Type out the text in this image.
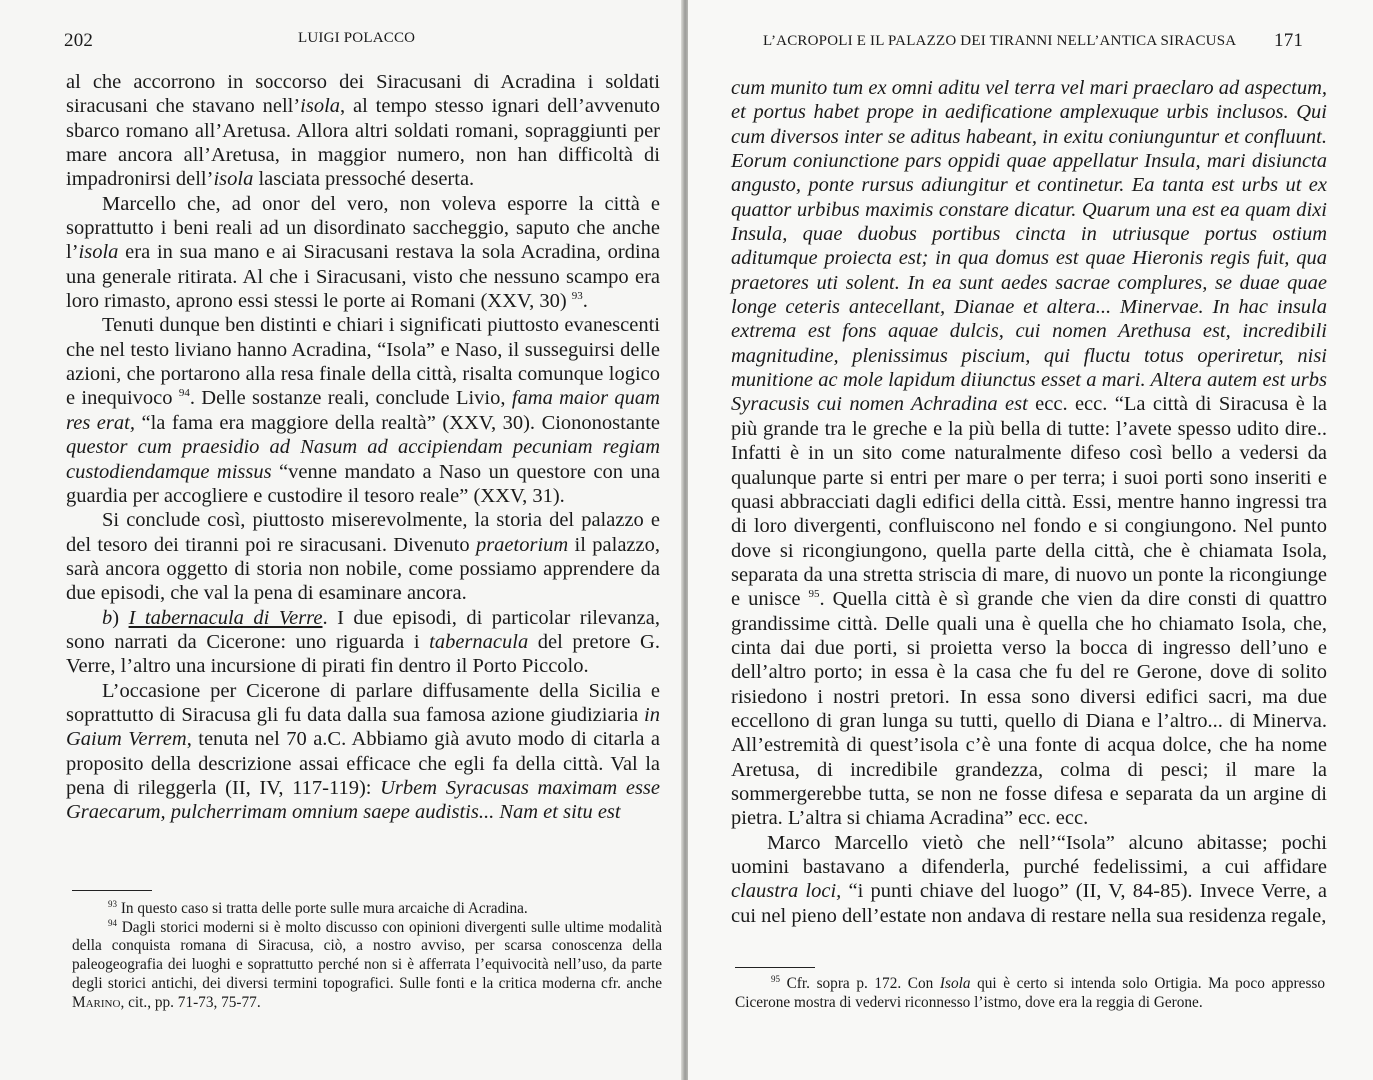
202	LUIGI POLACCO

al che accorrono in soccorso dei Siracusani di Acradina i soldati siracusani che stavano nell’isola, al tempo stesso ignari dell’avvenuto sbarco romano all’Aretusa. Allora altri soldati romani, sopraggiunti per mare ancora all’Aretusa, in maggior numero, non han difficoltà di impadronirsi dell’isola lasciata pressoché deserta.

Marcello che, ad onor del vero, non voleva esporre la città e soprattutto i beni reali ad un disordinato saccheggio, saputo che anche l’isola era in sua mano e ai Siracusani restava la sola Acradina, ordina una generale ritirata. Al che i Siracusani, visto che nessuno scampo era loro rimasto, aprono essi stessi le porte ai Romani (XXV, 30) $^{93}$.

Tenuti dunque ben distinti e chiari i significati piuttosto evanescenti che nel testo liviano hanno Acradina, “Isola” e Naso, il susseguirsi delle azioni, che portarono alla resa finale della città, risalta comunque logico e inequivoco $^{94}$. Delle sostanze reali, conclude Livio, fama maior quam res erat, “la fama era maggiore della realtà” (XXV, 30). Ciononostante questor cum praesidio ad Nasum ad accipiendam pecuniam regiam custodiendamque missus “venne mandato a Naso un questore con una guardia per accogliere e custodire il tesoro reale” (XXV, 31).

Si conclude così, piuttosto miserevolmente, la storia del palazzo e del tesoro dei tiranni poi re siracusani. Divenuto praetorium il palazzo, sarà ancora oggetto di storia non nobile, come possiamo apprendere da due episodi, che val la pena di esaminare ancora.

b) I tabernacula di Verre. I due episodi, di particolar rilevanza, sono narrati da Cicerone: uno riguarda i tabernacula del pretore G. Verre, l’altro una incursione di pirati fin dentro il Porto Piccolo.

L’occasione per Cicerone di parlare diffusamente della Sicilia e soprattutto di Siracusa gli fu data dalla sua famosa azione giudiziaria in Gaium Verrem, tenuta nel 70 a.C. Abbiamo già avuto modo di citarla a proposito della descrizione assai efficace che egli fa della città. Val la pena di rileggerla (II, IV, 117-119): Urbem Syracusas maximam esse Graecarum, pulcherrimam omnium saepe audistis... Nam et situ est

$^{93}$ In questo caso si tratta delle porte sulle mura arcaiche di Acradina.

$^{94}$ Dagli storici moderni si è molto discusso con opinioni divergenti sulle ultime modalità della conquista romana di Siracusa, ciò, a nostro avviso, per scarsa conoscenza della paleogeografia dei luoghi e soprattutto perché non si è afferrata l’equivocità nell’uso, da parte degli storici antichi, dei diversi termini topografici. Sulle fonti e la critica moderna cfr. anche Marino, cit., pp. 71-73, 75-77.

L’ACROPOLI E IL PALAZZO DEI TIRANNI NELL’ANTICA SIRACUSA 171

cum munito tum ex omni aditu vel terra vel mari praeclaro ad aspectum, et portus habet prope in aedificatione amplexuque urbis inclusos. Qui cum diversos inter se aditus habeant, in exitu coniunguntur et confluunt. Eorum coniunctione pars oppidi quae appellatur Insula, mari disiuncta angusto, ponte rursus adiungitur et continetur. Ea tanta est urbs ut ex quattor urbibus maximis constare dicatur. Quarum una est ea quam dixi Insula, quae duobus portibus cincta in utriusque portus ostium aditumque proiecta est; in qua domus est quae Hieronis regis fuit, qua praetores uti solent. In ea sunt aedes sacrae complures, se duae quae longe ceteris antecellant, Dianae et altera... Minervae. In hac insula extrema est fons aquae dulcis, cui nomen Arethusa est, incredibili magnitudine, plenissimus piscium, qui fluctu totus operiretur, nisi munitione ac mole lapidum diiunctus esset a mari. Altera autem est urbs Syracusis cui nomen Achradina est ecc. ecc. “La città di Siracusa è la più grande tra le greche e la più bella di tutte: l’avete spesso udito dire.. Infatti è in un sito come naturalmente difeso così bello a vedersi da qualunque parte si entri per mare o per terra; i suoi porti sono inseriti e quasi abbracciati dagli edifici della città. Essi, mentre hanno ingressi tra di loro divergenti, confluiscono nel fondo e si congiungono. Nel punto dove si ricongiungono, quella parte della città, che è chiamata Isola, separata da una stretta striscia di mare, di nuovo un ponte la ricongiunge e unisce $^{95}$. Quella città è sì grande che vien da dire consti di quattro grandissime città. Delle quali una è quella che ho chiamato Isola, che, cinta dai due porti, si proietta verso la bocca di ingresso dell’uno e dell’altro porto; in essa è la casa che fu del re Gerone, dove di solito risiedono i nostri pretori. In essa sono diversi edifici sacri, ma due eccellono di gran lunga su tutti, quello di Diana e l’altro... di Minerva. All’estremità di quest’isola c’è una fonte di acqua dolce, che ha nome Aretusa, di incredibile grandezza, colma di pesci; il mare la sommergerebbe tutta, se non ne fosse difesa e separata da un argine di pietra. L’altra si chiama Acradina” ecc. ecc.

Marco Marcello vietò che nell’“Isola” alcuno abitasse; pochi uomini bastavano a difenderla, purché fedelissimi, a cui affidare claustra loci, “i punti chiave del luogo” (II, V, 84-85). Invece Verre, a cui nel pieno dell’estate non andava di restare nella sua residenza regale,

$^{95}$ Cfr. sopra p. 172. Con Isola qui è certo si intenda solo Ortigia. Ma poco appresso Cicerone mostra di vedervi riconnesso l’istmo, dove era la reggia di Gerone.
